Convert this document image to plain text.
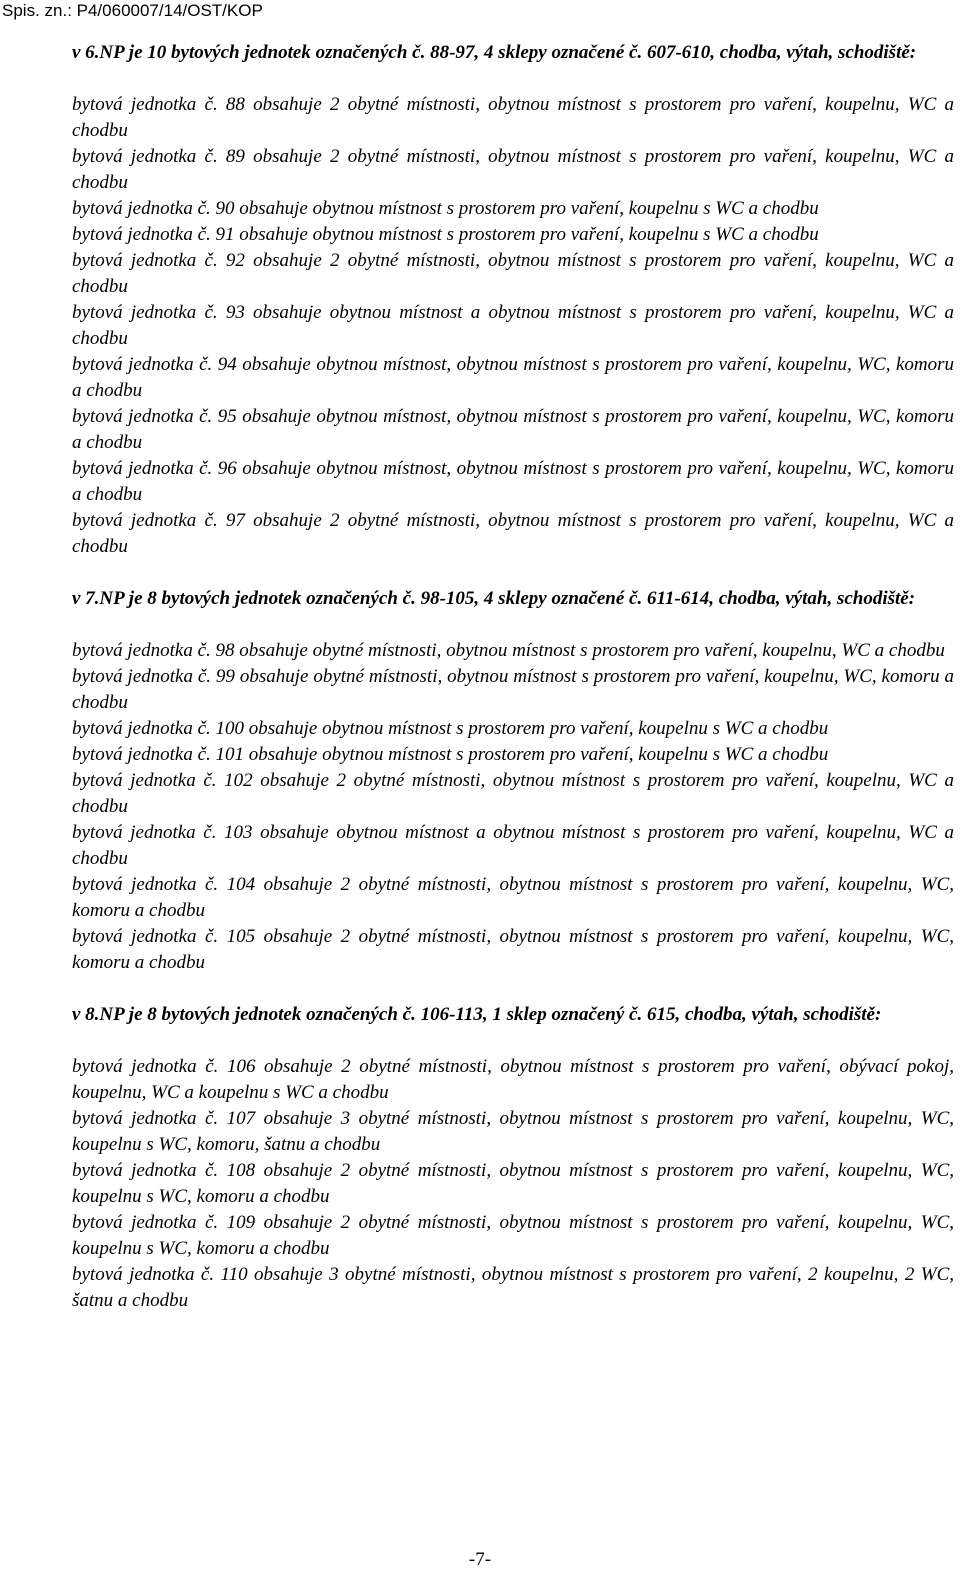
Spis. zn.: P4/060007/14/OST/KOP

v 6.NP je 10 bytových jednotek označených č. 88-97, 4 sklepy označené č. 607-610, chodba, výtah, schodiště:

bytová jednotka č. 88 obsahuje 2 obytné místnosti, obytnou místnost s prostorem pro vaření, koupelnu, WC a chodbu

bytová jednotka č. 89 obsahuje 2 obytné místnosti, obytnou místnost s prostorem pro vaření, koupelnu, WC a chodbu

bytová jednotka č. 90 obsahuje obytnou místnost s prostorem pro vaření, koupelnu s WC a chodbu

bytová jednotka č. 91 obsahuje obytnou místnost s prostorem pro vaření, koupelnu s WC a chodbu

bytová jednotka č. 92 obsahuje 2 obytné místnosti, obytnou místnost s prostorem pro vaření, koupelnu, WC a chodbu

bytová jednotka č. 93 obsahuje obytnou místnost a obytnou místnost s prostorem pro vaření, koupelnu, WC a chodbu

bytová jednotka č. 94 obsahuje obytnou místnost, obytnou místnost s prostorem pro vaření, koupelnu, WC, komoru a chodbu

bytová jednotka č. 95 obsahuje obytnou místnost, obytnou místnost s prostorem pro vaření, koupelnu, WC, komoru a chodbu

bytová jednotka č. 96 obsahuje obytnou místnost, obytnou místnost s prostorem pro vaření, koupelnu, WC, komoru a chodbu

bytová jednotka č. 97 obsahuje 2 obytné místnosti, obytnou místnost s prostorem pro vaření, koupelnu, WC a chodbu

v 7.NP je 8 bytových jednotek označených č. 98-105, 4 sklepy označené č. 611-614, chodba, výtah, schodiště:

bytová jednotka č. 98 obsahuje obytné místnosti, obytnou místnost s prostorem pro vaření, koupelnu, WC a chodbu

bytová jednotka č. 99 obsahuje obytné místnosti, obytnou místnost s prostorem pro vaření, koupelnu, WC, komoru a chodbu

bytová jednotka č. 100 obsahuje obytnou místnost s prostorem pro vaření, koupelnu s WC a chodbu

bytová jednotka č. 101 obsahuje obytnou místnost s prostorem pro vaření, koupelnu s WC a chodbu

bytová jednotka č. 102 obsahuje 2 obytné místnosti, obytnou místnost s prostorem pro vaření, koupelnu, WC a chodbu

bytová jednotka č. 103 obsahuje obytnou místnost a obytnou místnost s prostorem pro vaření, koupelnu, WC a chodbu

bytová jednotka č. 104 obsahuje 2 obytné místnosti, obytnou místnost s prostorem pro vaření, koupelnu, WC, komoru a chodbu

bytová jednotka č. 105 obsahuje 2 obytné místnosti, obytnou místnost s prostorem pro vaření, koupelnu, WC, komoru a chodbu

v 8.NP je 8 bytových jednotek označených č. 106-113, 1 sklep označený č. 615, chodba, výtah, schodiště:

bytová jednotka č. 106 obsahuje 2 obytné místnosti, obytnou místnost s prostorem pro vaření, obývací pokoj, koupelnu, WC a koupelnu s WC a chodbu

bytová jednotka č. 107 obsahuje 3 obytné místnosti, obytnou místnost s prostorem pro vaření, koupelnu, WC, koupelnu s WC, komoru, šatnu a chodbu

bytová jednotka č. 108 obsahuje 2 obytné místnosti, obytnou místnost s prostorem pro vaření, koupelnu, WC, koupelnu s WC, komoru a chodbu

bytová jednotka č. 109 obsahuje 2 obytné místnosti, obytnou místnost s prostorem pro vaření, koupelnu, WC, koupelnu s WC, komoru a chodbu

bytová jednotka č. 110 obsahuje 3 obytné místnosti, obytnou místnost s prostorem pro vaření, 2 koupelnu, 2 WC, šatnu a chodbu

-7-
